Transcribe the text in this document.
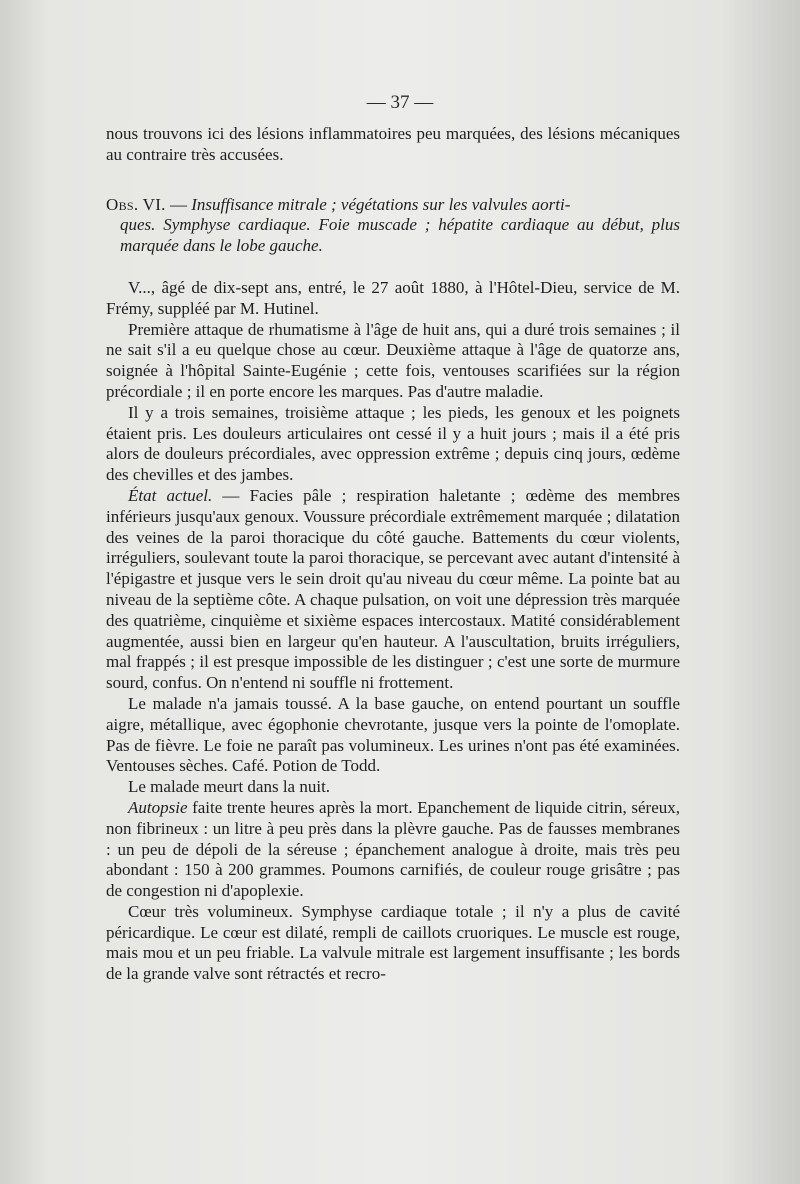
— 37 —

nous trouvons ici des lésions inflammatoires peu marquées, des lésions mécaniques au contraire très accusées.

Obs. VI. — Insuffisance mitrale ; végétations sur les valvules aorti-

ques. Symphyse cardiaque. Foie muscade ; hépatite cardiaque au début, plus marquée dans le lobe gauche.

V..., âgé de dix-sept ans, entré, le 27 août 1880, à l'Hôtel-Dieu, service de M. Frémy, suppléé par M. Hutinel.

Première attaque de rhumatisme à l'âge de huit ans, qui a duré trois semaines ; il ne sait s'il a eu quelque chose au cœur. Deuxième attaque à l'âge de quatorze ans, soignée à l'hôpital Sainte-Eugénie ; cette fois, ventouses scarifiées sur la région précordiale ; il en porte encore les marques. Pas d'autre maladie.

Il y a trois semaines, troisième attaque ; les pieds, les genoux et les poignets étaient pris. Les douleurs articulaires ont cessé il y a huit jours ; mais il a été pris alors de douleurs précordiales, avec oppression extrême ; depuis cinq jours, œdème des chevilles et des jambes.

État actuel. — Facies pâle ; respiration haletante ; œdème des membres inférieurs jusqu'aux genoux. Voussure précordiale extrêmement marquée ; dilatation des veines de la paroi thoracique du côté gauche. Battements du cœur violents, irréguliers, soulevant toute la paroi thoracique, se percevant avec autant d'intensité à l'épigastre et jusque vers le sein droit qu'au niveau du cœur même. La pointe bat au niveau de la septième côte. A chaque pulsation, on voit une dépression très marquée des quatrième, cinquième et sixième espaces intercostaux. Matité considérablement augmentée, aussi bien en largeur qu'en hauteur. A l'auscultation, bruits irréguliers, mal frappés ; il est presque impossible de les distinguer ; c'est une sorte de murmure sourd, confus. On n'entend ni souffle ni frottement.

Le malade n'a jamais toussé. A la base gauche, on entend pourtant un souffle aigre, métallique, avec égophonie chevrotante, jusque vers la pointe de l'omoplate. Pas de fièvre. Le foie ne paraît pas volumineux. Les urines n'ont pas été examinées. Ventouses sèches. Café. Potion de Todd.

Le malade meurt dans la nuit.

Autopsie faite trente heures après la mort. Epanchement de liquide citrin, séreux, non fibrineux : un litre à peu près dans la plèvre gauche. Pas de fausses membranes : un peu de dépoli de la séreuse ; épanchement analogue à droite, mais très peu abondant : 150 à 200 grammes. Poumons carnifiés, de couleur rouge grisâtre ; pas de congestion ni d'apoplexie.

Cœur très volumineux. Symphyse cardiaque totale ; il n'y a plus de cavité péricardique. Le cœur est dilaté, rempli de caillots cruoriques. Le muscle est rouge, mais mou et un peu friable. La valvule mitrale est largement insuffisante ; les bords de la grande valve sont rétractés et recro-
